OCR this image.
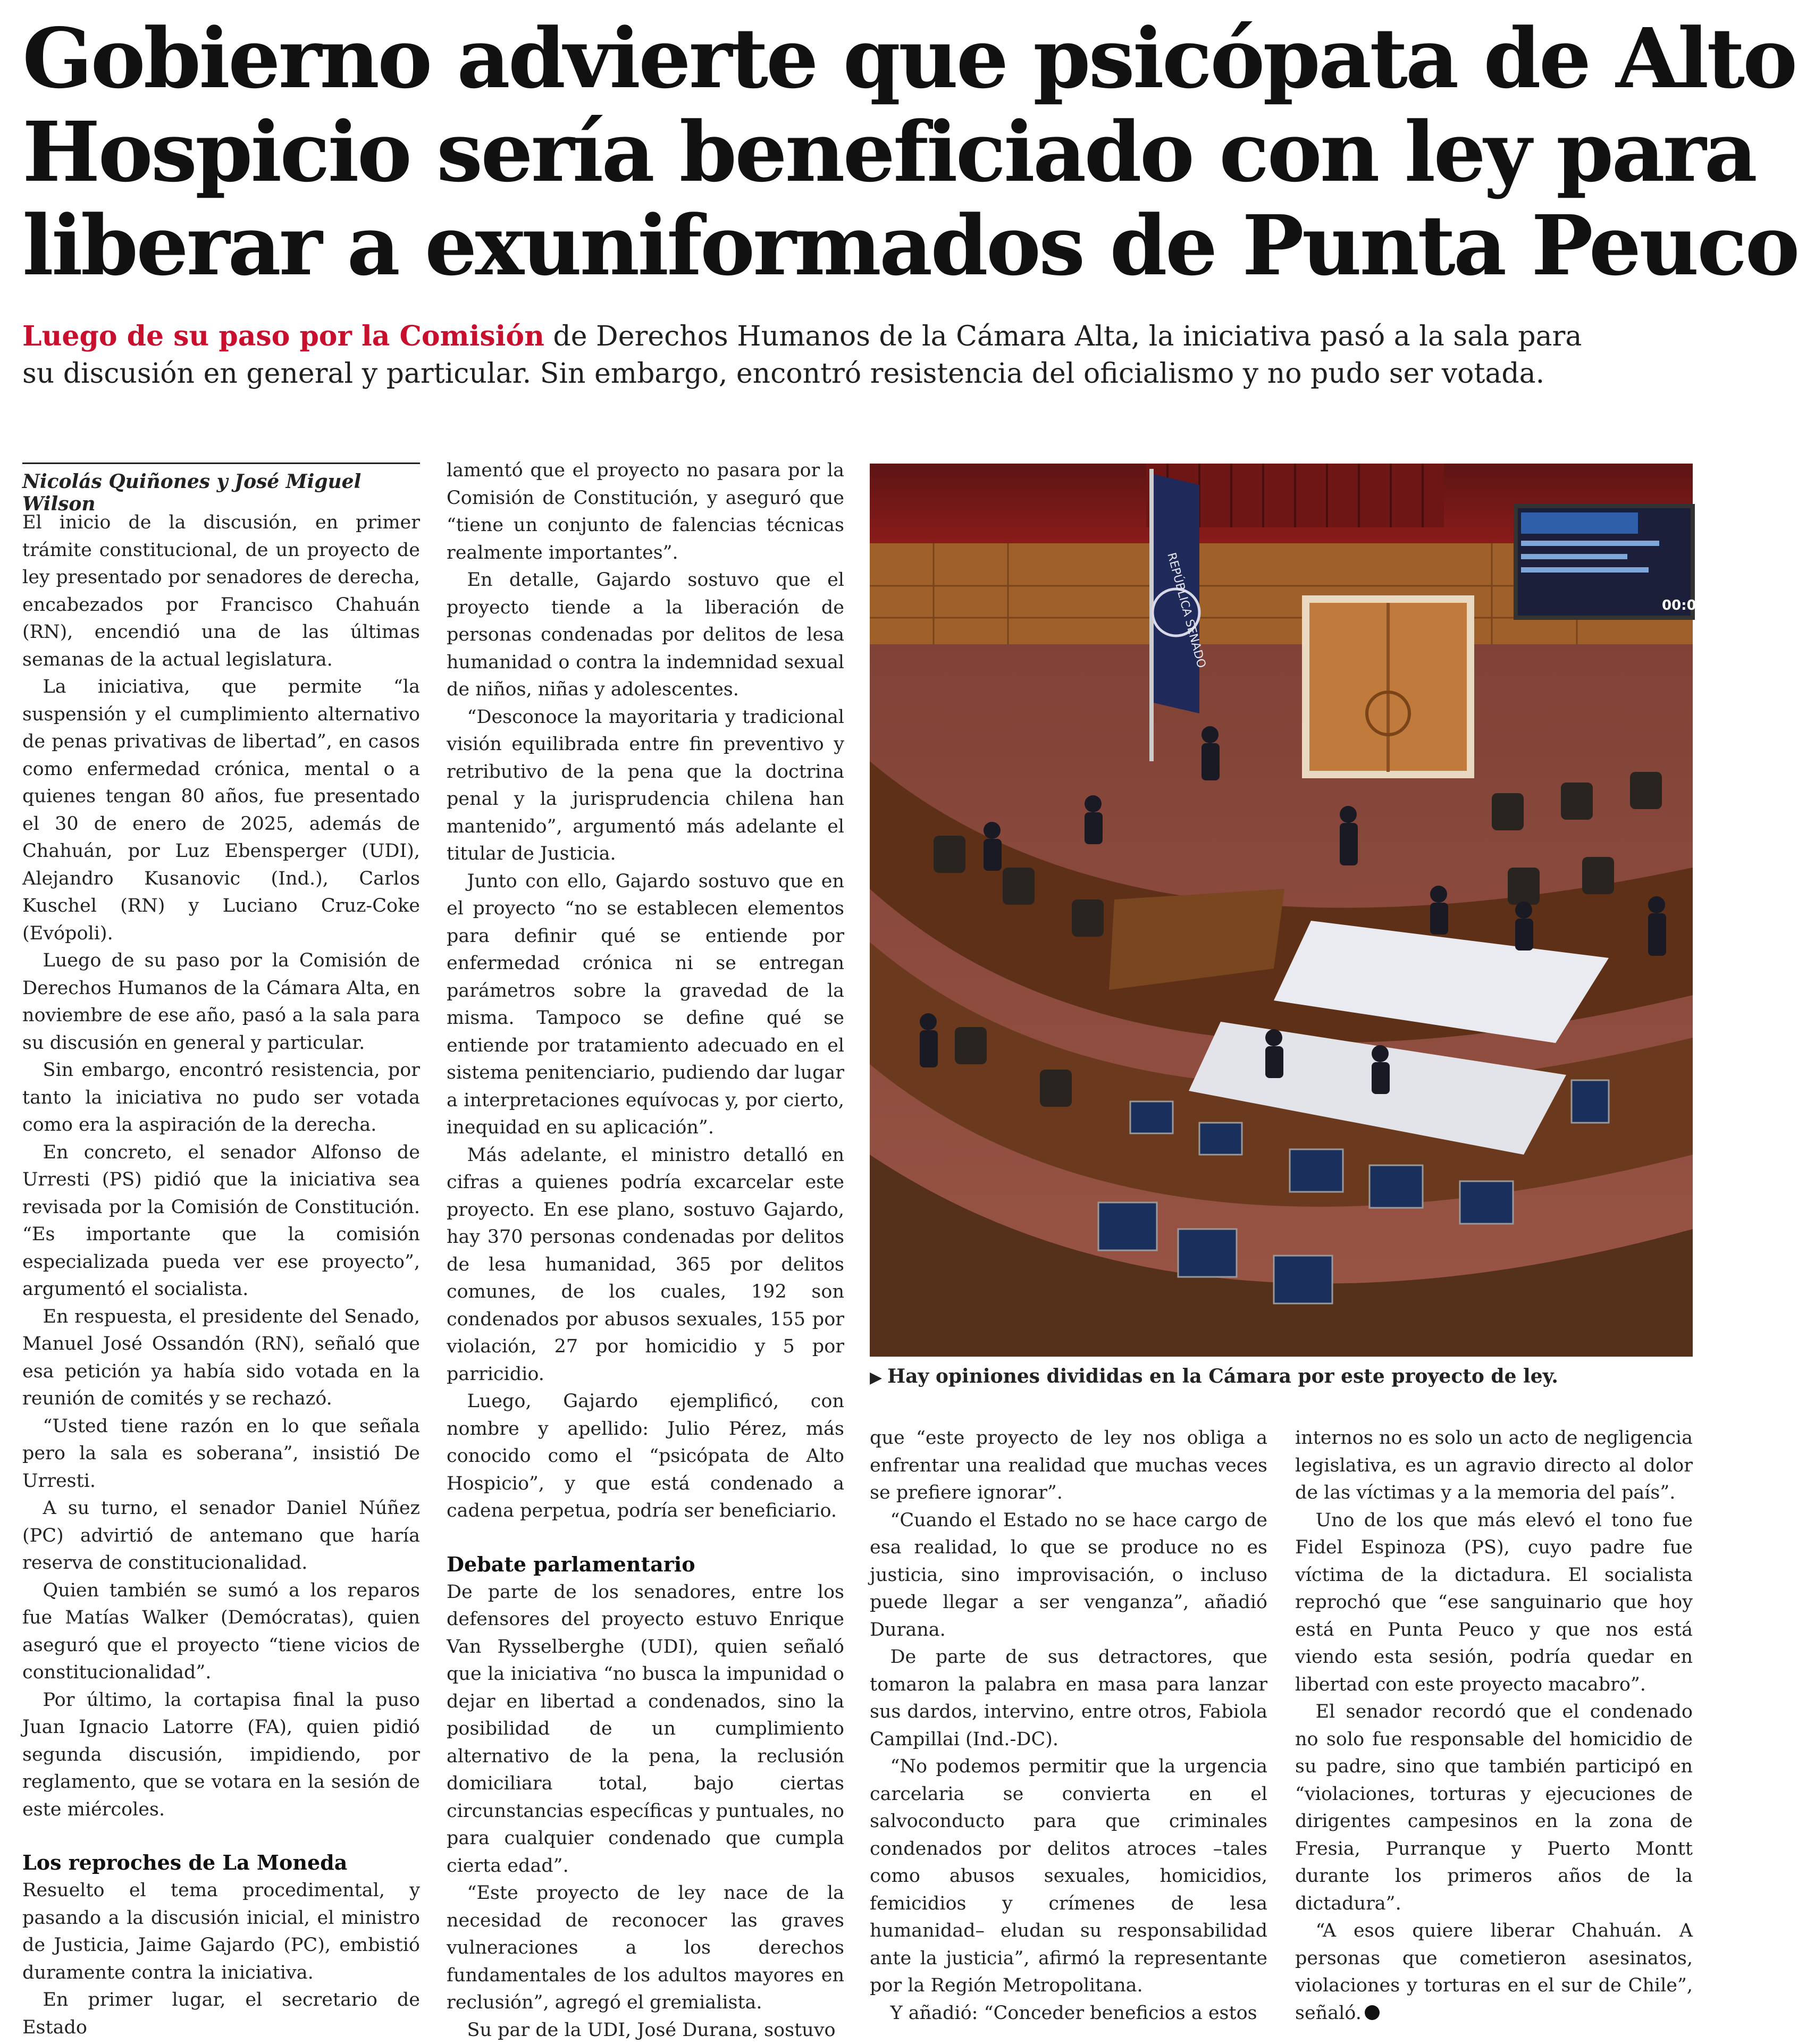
Gobierno advierte que psicópata de Alto
Hospicio sería beneficiado con ley para
liberar a exuniformados de Punta Peuco
Luego de su paso por la Comisión de Derechos Humanos de la Cámara Alta, la iniciativa pasó a la sala para
su discusión en general y particular. Sin embargo, encontró resistencia del oficialismo y no pudo ser votada.
Nicolás Quiñones y José Miguel Wilson

El inicio de la discusión, en primer trámite constitucional, de un proyecto de ley presentado por senadores de derecha, encabezados por Francisco Chahuán (RN), encendió una de las últimas semanas de la actual legislatura.

La iniciativa, que permite “la suspensión y el cumplimiento alternativo de penas privativas de libertad”, en casos como enfermedad crónica, mental o a quienes tengan 80 años, fue presentado el 30 de enero de 2025, además de Chahuán, por Luz Ebensperger (UDI), Alejandro Kusanovic (Ind.), Carlos Kuschel (RN) y Luciano Cruz-Coke (Evópoli).

Luego de su paso por la Comisión de Derechos Humanos de la Cámara Alta, en noviembre de ese año, pasó a la sala para su discusión en general y particular.

Sin embargo, encontró resistencia, por tanto la iniciativa no pudo ser votada como era la aspiración de la derecha.

En concreto, el senador Alfonso de Urresti (PS) pidió que la iniciativa sea revisada por la Comisión de Constitución. “Es importante que la comisión especializada pueda ver ese proyecto”, argumentó el socialista.

En respuesta, el presidente del Senado, Manuel José Ossandón (RN), señaló que esa petición ya había sido votada en la reunión de comités y se rechazó.

“Usted tiene razón en lo que señala pero la sala es soberana”, insistió De Urresti.

A su turno, el senador Daniel Núñez (PC) advirtió de antemano que haría reserva de constitucionalidad.

Quien también se sumó a los reparos fue Matías Walker (Demócratas), quien aseguró que el proyecto “tiene vicios de constitucionalidad”.

Por último, la cortapisa final la puso Juan Ignacio Latorre (FA), quien pidió segunda discusión, impidiendo, por reglamento, que se votara en la sesión de este miércoles.

Los reproches de La Moneda

Resuelto el tema procedimental, y pasando a la discusión inicial, el ministro de Justicia, Jaime Gajardo (PC), embistió duramente contra la iniciativa.

En primer lugar, el secretario de Estado

lamentó que el proyecto no pasara por la Comisión de Constitución, y aseguró que “tiene un conjunto de falencias técnicas realmente importantes”.

En detalle, Gajardo sostuvo que el proyecto tiende a la liberación de personas condenadas por delitos de lesa humanidad o contra la indemnidad sexual de niños, niñas y adolescentes.

“Desconoce la mayoritaria y tradicional visión equilibrada entre fin preventivo y retributivo de la pena que la doctrina penal y la jurisprudencia chilena han mantenido”, argumentó más adelante el titular de Justicia.

Junto con ello, Gajardo sostuvo que en el proyecto “no se establecen elementos para definir qué se entiende por enfermedad crónica ni se entregan parámetros sobre la gravedad de la misma. Tampoco se define qué se entiende por tratamiento adecuado en el sistema penitenciario, pudiendo dar lugar a interpretaciones equívocas y, por cierto, inequidad en su aplicación”.

Más adelante, el ministro detalló en cifras a quienes podría excarcelar este proyecto. En ese plano, sostuvo Gajardo, hay 370 personas condenadas por delitos de lesa humanidad, 365 por delitos comunes, de los cuales, 192 son condenados por abusos sexuales, 155 por violación, 27 por homicidio y 5 por parricidio.

Luego, Gajardo ejemplificó, con nombre y apellido: Julio Pérez, más conocido como el “psicópata de Alto Hospicio”, y que está condenado a cadena perpetua, podría ser beneficiario.

Debate parlamentario

De parte de los senadores, entre los defensores del proyecto estuvo Enrique Van Rysselberghe (UDI), quien señaló que la iniciativa “no busca la impunidad o dejar en libertad a condenados, sino la posibilidad de un cumplimiento alternativo de la pena, la reclusión domiciliara total, bajo ciertas circunstancias específicas y puntuales, no para cualquier condenado que cumpla cierta edad”.

“Este proyecto de ley nace de la necesidad de reconocer las graves vulneraciones a los derechos fundamentales de los adultos mayores en reclusión”, agregó el gremialista.

Su par de la UDI, José Durana, sostuvo

00:0
REPÚBLICA SENADO
▶ Hay opiniones divididas en la Cámara por este proyecto de ley.

que “este proyecto de ley nos obliga a enfrentar una realidad que muchas veces se prefiere ignorar”.

“Cuando el Estado no se hace cargo de esa realidad, lo que se produce no es justicia, sino improvisación, o incluso puede llegar a ser venganza”, añadió Durana.

De parte de sus detractores, que tomaron la palabra en masa para lanzar sus dardos, intervino, entre otros, Fabiola Campillai (Ind.-DC).

“No podemos permitir que la urgencia carcelaria se convierta en el salvoconducto para que criminales condenados por delitos atroces –tales como abusos sexuales, homicidios, femicidios y crímenes de lesa humanidad– eludan su responsabilidad ante la justicia”, afirmó la representante por la Región Metropolitana.

Y añadió: “Conceder beneficios a estos

internos no es solo un acto de negligencia legislativa, es un agravio directo al dolor de las víctimas y a la memoria del país”.

Uno de los que más elevó el tono fue Fidel Espinoza (PS), cuyo padre fue víctima de la dictadura. El socialista reprochó que “ese sanguinario que hoy está en Punta Peuco y que nos está viendo esta sesión, podría quedar en libertad con este proyecto macabro”.

El senador recordó que el condenado no solo fue responsable del homicidio de su padre, sino que también participó en “violaciones, torturas y ejecuciones de dirigentes campesinos en la zona de Fresia, Purranque y Puerto Montt durante los primeros años de la dictadura”.

“A esos quiere liberar Chahuán. A personas que cometieron asesinatos, violaciones y torturas en el sur de Chile”, señaló.
